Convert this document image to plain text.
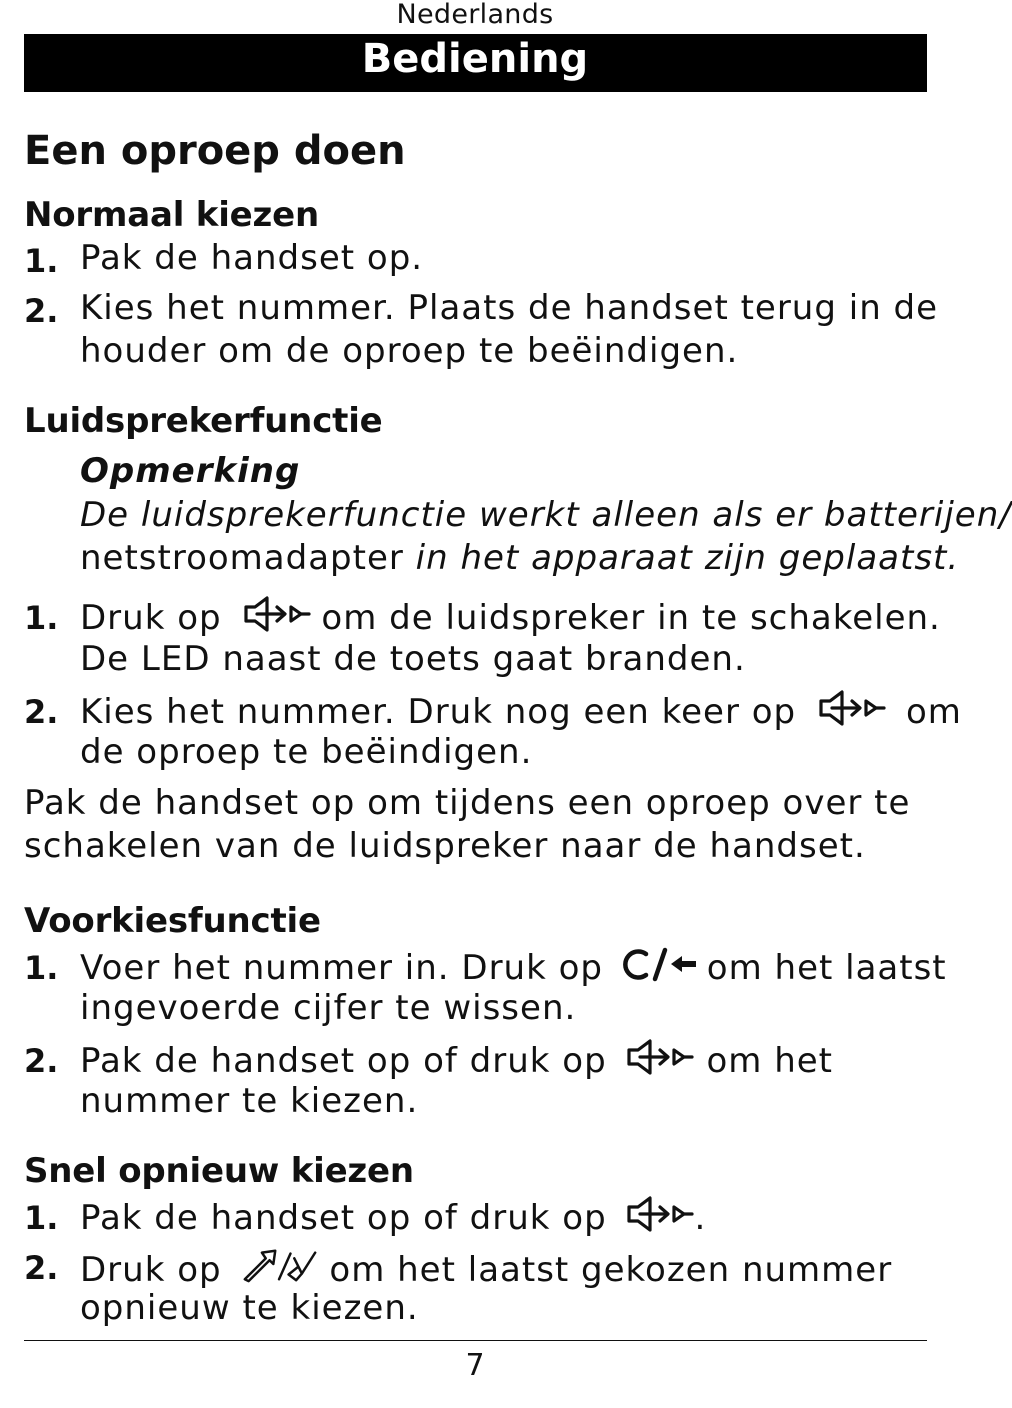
Nederlands
Bediening
Een oproep doen
Normaal kiezen
1. Pak de handset op.
2. Kies het nummer. Plaats de handset terug in de
houder om de oproep te beëindigen.
Luidsprekerfunctie
Opmerking
De luidsprekerfunctie werkt alleen als er batterijen/
netstroomadapter in het apparaat zijn geplaatst.
1. Druk op	om de luidspreker in te schakelen.
De LED naast de toets gaat branden.
2. Kies het nummer. Druk nog een keer op	om
de oproep te beëindigen.
Pak de handset op om tijdens een oproep over te
schakelen van de luidspreker naar de handset.
Voorkiesfunctie
1. Voer het nummer in. Druk op	om het laatst
ingevoerde cijfer te wissen.
2. Pak de handset op of druk op	om het
nummer te kiezen.
Snel opnieuw kiezen
1. Pak de handset op of druk op	.
2. Druk op	om het laatst gekozen nummer
opnieuw te kiezen.
7
